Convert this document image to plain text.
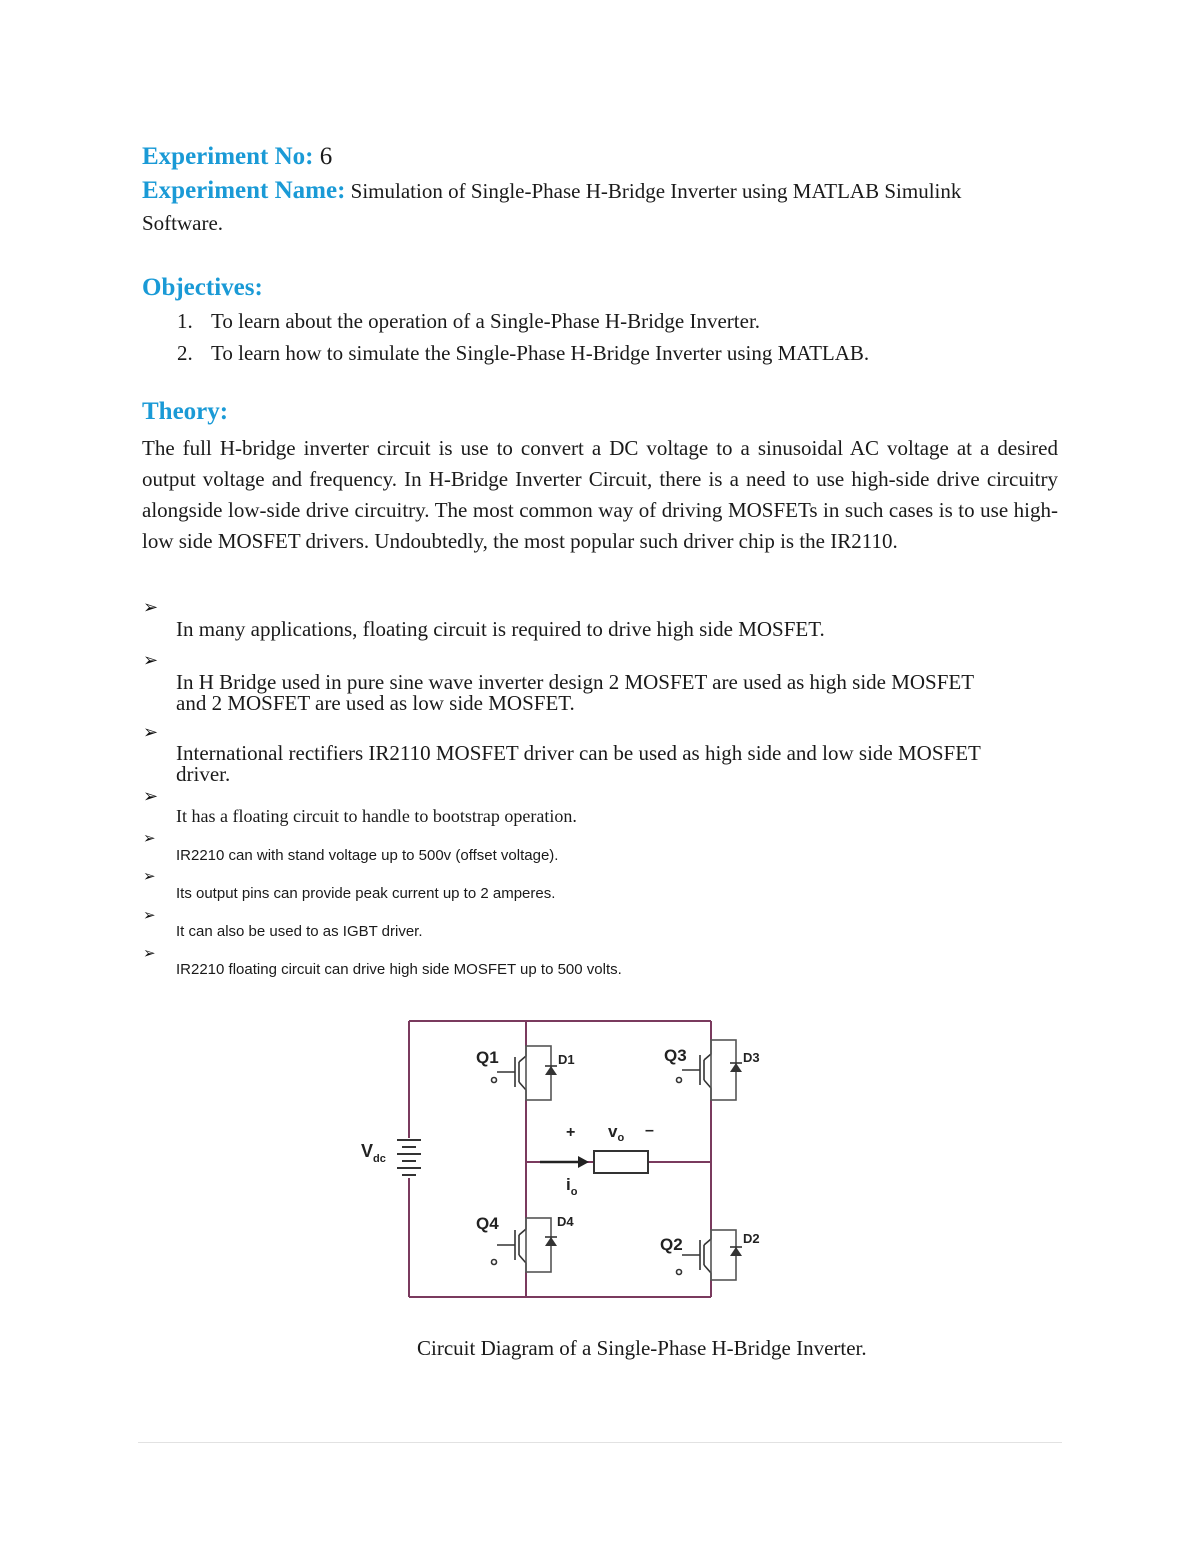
Experiment No: 6
Experiment Name: Simulation of Single-Phase H-Bridge Inverter using MATLAB Simulink
Software.
Objectives:
1. To learn about the operation of a Single-Phase H-Bridge Inverter.
2. To learn how to simulate the Single-Phase H-Bridge Inverter using MATLAB.
Theory:
The full H-bridge inverter circuit is use to convert a DC voltage to a sinusoidal AC voltage at a desired output voltage and frequency. In H-Bridge Inverter Circuit, there is a need to use high-side drive circuitry alongside low-side drive circuitry. The most common way of driving MOSFETs in such cases is to use high-low side MOSFET drivers. Undoubtedly, the most popular such driver chip is the IR2110.
➢
In many applications, floating circuit is required to drive high side MOSFET.
➢
In H Bridge used in pure sine wave inverter design 2 MOSFET are used as high side MOSFET and 2 MOSFET are used as low side MOSFET.
➢
International rectifiers IR2110 MOSFET driver can be used as high side and low side MOSFET driver.
➢
It has a floating circuit to handle to bootstrap operation.
➢
IR2210 can with stand voltage up to 500v (offset voltage).
➢
Its output pins can provide peak current up to 2 amperes.
➢
It can also be used to as IGBT driver.
➢
IR2210 floating circuit can drive high side MOSFET up to 500 volts.
Q1	D1	Q3	D3
Q4	D4
Q2	D2
$V_{dc}$
+ $v_o$ –
$i_o$
Circuit Diagram of a Single-Phase H-Bridge Inverter.
